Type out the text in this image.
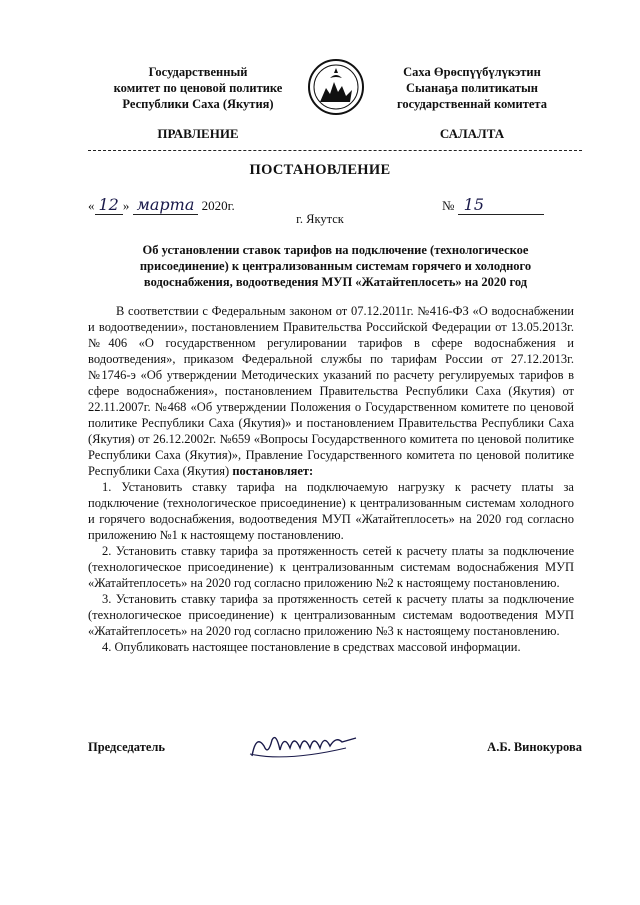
Государственный
комитет по ценовой политике
Республики Саха (Якутия)
Саха Өрөспүүбүлүкэтин
Сыанаҕа политикатын
государственнай комитета
ПРАВЛЕНИЕ	САЛАЛТА
ПОСТАНОВЛЕНИЕ
« 12 » марта 2020г.	№ 15
г. Якутск
Об установлении ставок тарифов на подключение (технологическое присоединение) к централизованным системам горячего и холодного водоснабжения, водоотведения МУП «Жатайтеплосеть» на 2020 год

В соответствии с Федеральным законом от 07.12.2011г. №416-ФЗ «О водоснабжении и водоотведении», постановлением Правительства Российской Федерации от 13.05.2013г. №406 «О государственном регулировании тарифов в сфере водоснабжения и водоотведения», приказом Федеральной службы по тарифам России от 27.12.2013г. №1746-э «Об утверждении Методических указаний по расчету регулируемых тарифов в сфере водоснабжения», постановлением Правительства Республики Саха (Якутия) от 22.11.2007г. №468 «Об утверждении Положения о Государственном комитете по ценовой политике Республики Саха (Якутия)» и постановлением Правительства Республики Саха (Якутия) от 26.12.2002г. №659 «Вопросы Государственного комитета по ценовой политике Республики Саха (Якутия)», Правление Государственного комитета по ценовой политике Республики Саха (Якутия) постановляет:

1. Установить ставку тарифа на подключаемую нагрузку к расчету платы за подключение (технологическое присоединение) к централизованным системам холодного и горячего водоснабжения, водоотведения МУП «Жатайтеплосеть» на 2020 год согласно приложению №1 к настоящему постановлению.

2. Установить ставку тарифа за протяженность сетей к расчету платы за подключение (технологическое присоединение) к централизованным системам водоснабжения МУП «Жатайтеплосеть» на 2020 год согласно приложению №2 к настоящему постановлению.

3. Установить ставку тарифа за протяженность сетей к расчету платы за подключение (технологическое присоединение) к централизованным системам водоотведения МУП «Жатайтеплосеть» на 2020 год согласно приложению №3 к настоящему постановлению.

4. Опубликовать настоящее постановление в средствах массовой информации.

Председатель	А.Б. Винокурова
